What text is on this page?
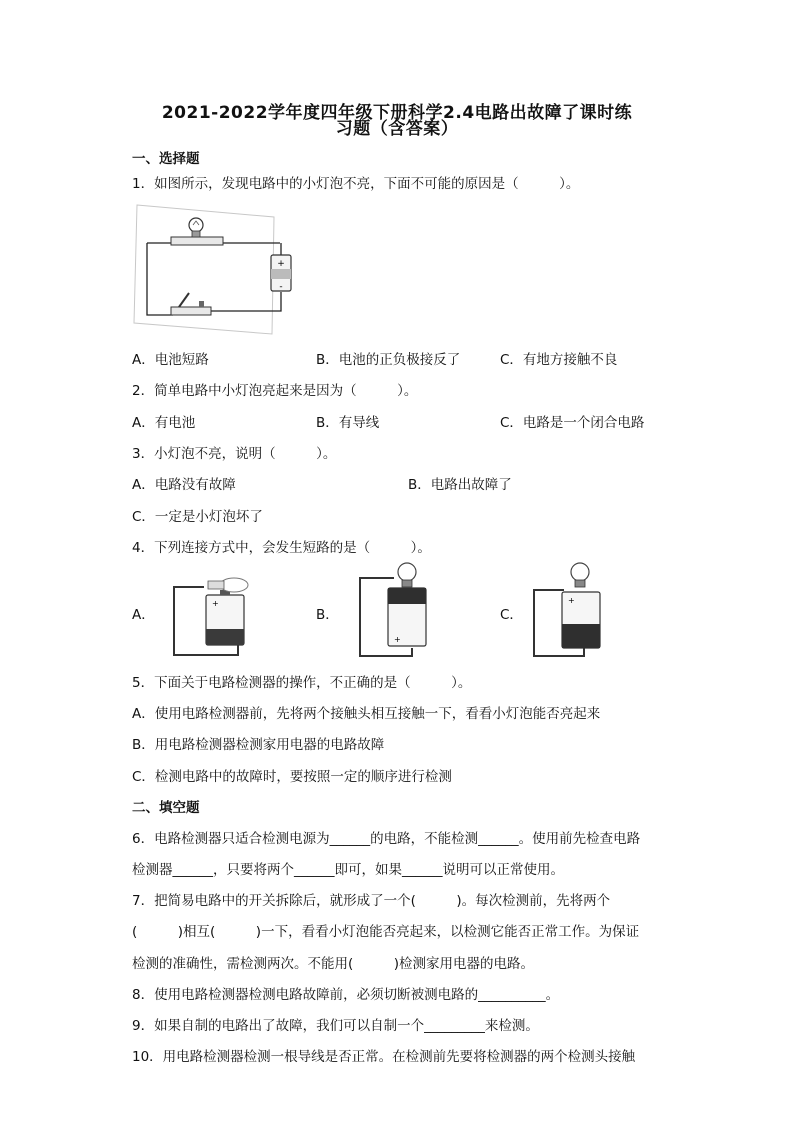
2021-2022学年度四年级下册科学2.4电路出故障了课时练
习题（含答案）
一、选择题
1．如图所示，发现电路中的小灯泡不亮，下面不可能的原因是（　　　）。
+
-
A．电池短路	B．电池的正负极接反了	C．有地方接触不良
2．简单电路中小灯泡亮起来是因为（　　　）。
A．有电池	B．有导线	C．电路是一个闭合电路
3．小灯泡不亮，说明（　　　）。
A．电路没有故障	B．电路出故障了
C．一定是小灯泡坏了
4．下列连接方式中，会发生短路的是（　　　）。
A．
+
B．
+
C．
+
5．下面关于电路检测器的操作，不正确的是（　　　）。
A．使用电路检测器前，先将两个接触头相互接触一下，看看小灯泡能否亮起来
B．用电路检测器检测家用电器的电路故障
C．检测电路中的故障时，要按照一定的顺序进行检测
二、填空题
6．电路检测器只适合检测电源为______的电路，不能检测______。使用前先检查电路
检测器______，只要将两个______即可，如果______说明可以正常使用。
7．把简易电路中的开关拆除后，就形成了一个(　　　)。每次检测前，先将两个
(　　　)相互(　　　)一下，看看小灯泡能否亮起来，以检测它能否正常工作。为保证
检测的准确性，需检测两次。不能用(　　　)检测家用电器的电路。
8．使用电路检测器检测电路故障前，必须切断被测电路的__________。
9．如果自制的电路出了故障，我们可以自制一个_________来检测。
10．用电路检测器检测一根导线是否正常。在检测前先要将检测器的两个检测头接触
